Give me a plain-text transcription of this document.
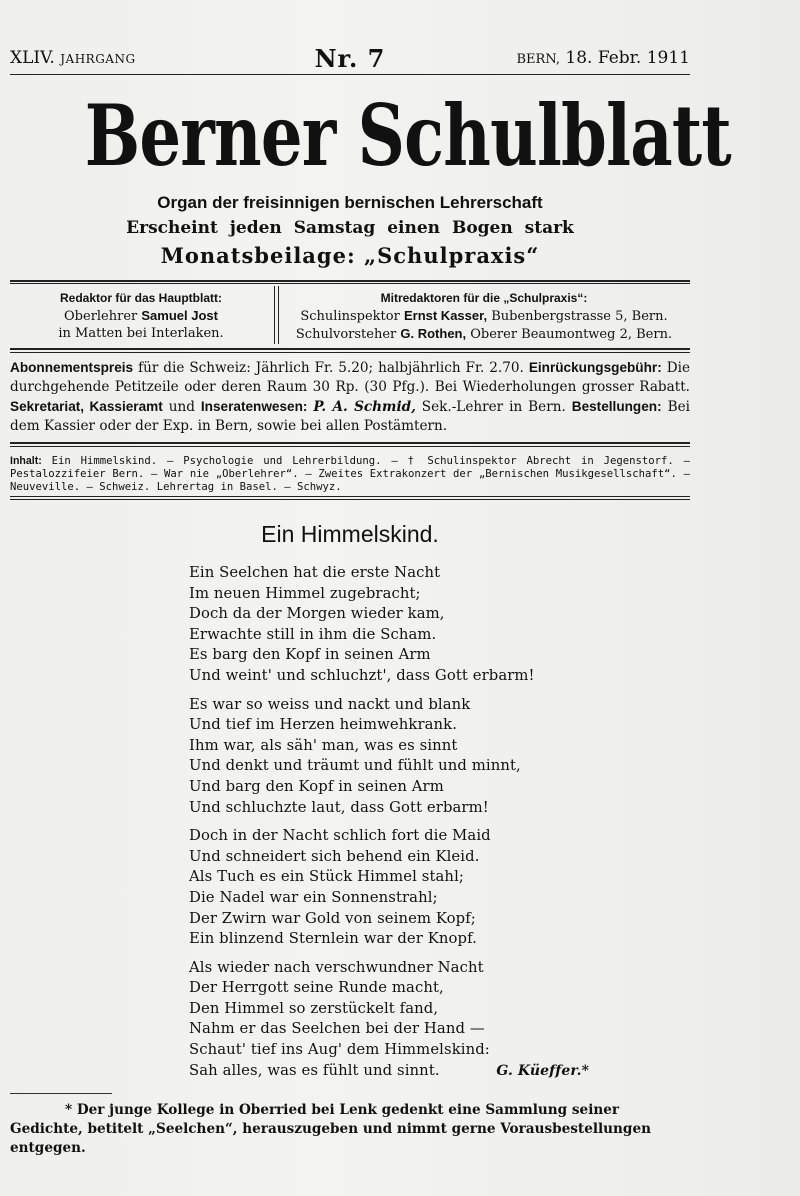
XLIV. JAHRGANG	Nr. 7	BERN, 18. Febr. 1911
Berner Schulblatt
Organ der freisinnigen bernischen Lehrerschaft
Erscheint jeden Samstag einen Bogen stark
Monatsbeilage: „Schulpraxis“
Redaktor für das Hauptblatt:
Oberlehrer Samuel Jost
in Matten bei Interlaken.
Mitredaktoren für die „Schulpraxis“:
Schulinspektor Ernst Kasser, Bubenbergstrasse 5, Bern.
Schulvorsteher G. Rothen, Oberer Beaumontweg 2, Bern.
Abonnementspreis für die Schweiz: Jährlich Fr. 5.20; halbjährlich Fr. 2.70. Einrückungsgebühr: Die durchgehende Petitzeile oder deren Raum 30 Rp. (30 Pfg.). Bei Wiederholungen grosser Rabatt. Sekretariat, Kassieramt und Inseratenwesen: P. A. Schmid, Sek.-Lehrer in Bern. Bestellungen: Bei dem Kassier oder der Exp. in Bern, sowie bei allen Postämtern.
Inhalt: Ein Himmelskind. — Psychologie und Lehrerbildung. — † Schulinspektor Abrecht in Jegenstorf. — Pestalozzifeier Bern. — War nie „Oberlehrer“. — Zweites Extrakonzert der „Bernischen Musikgesellschaft“. — Neuveville. — Schweiz. Lehrertag in Basel. — Schwyz.
Ein Himmelskind.
Ein Seelchen hat die erste Nacht
Im neuen Himmel zugebracht;
Doch da der Morgen wieder kam,
Erwachte still in ihm die Scham.
Es barg den Kopf in seinen Arm
Und weint' und schluchzt', dass Gott erbarm!
Es war so weiss und nackt und blank
Und tief im Herzen heimwehkrank.
Ihm war, als säh' man, was es sinnt
Und denkt und träumt und fühlt und minnt,
Und barg den Kopf in seinen Arm
Und schluchzte laut, dass Gott erbarm!
Doch in der Nacht schlich fort die Maid
Und schneidert sich behend ein Kleid.
Als Tuch es ein Stück Himmel stahl;
Die Nadel war ein Sonnenstrahl;
Der Zwirn war Gold von seinem Kopf;
Ein blinzend Sternlein war der Knopf.
Als wieder nach verschwundner Nacht
Der Herrgott seine Runde macht,
Den Himmel so zerstückelt fand,
Nahm er das Seelchen bei der Hand —
Schaut' tief ins Aug' dem Himmelskind:
Sah alles, was es fühlt und sinnt.	G. Küeffer.*
* Der junge Kollege in Oberried bei Lenk gedenkt eine Sammlung seiner Gedichte, betitelt „Seelchen“, herauszugeben und nimmt gerne Vorausbestellungen entgegen.
